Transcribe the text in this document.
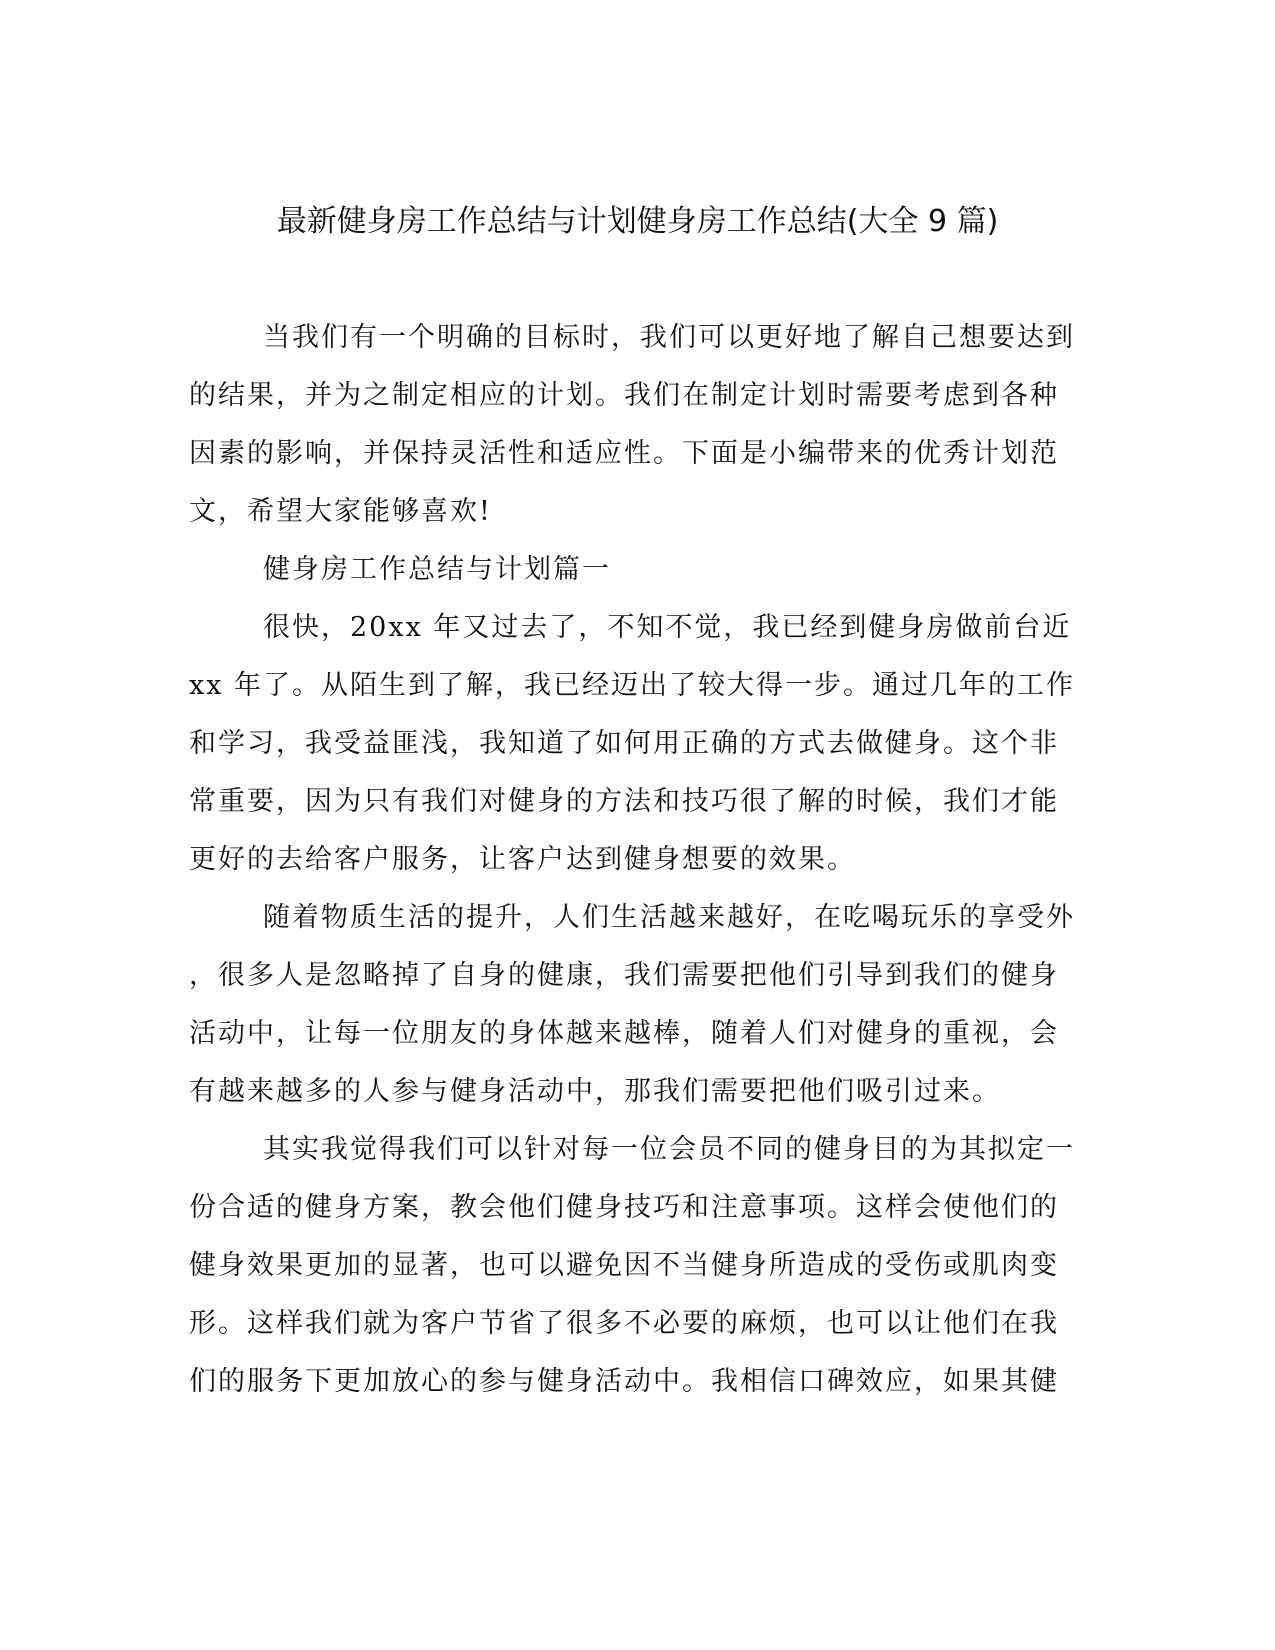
最新健身房工作总结与计划健身房工作总结(大全 9 篇)
当我们有一个明确的目标时，我们可以更好地了解自己想要达到
的结果，并为之制定相应的计划。我们在制定计划时需要考虑到各种
因素的影响，并保持灵活性和适应性。下面是小编带来的优秀计划范
文，希望大家能够喜欢!
健身房工作总结与计划篇一
很快，20xx 年又过去了，不知不觉，我已经到健身房做前台近
xx 年了。从陌生到了解，我已经迈出了较大得一步。通过几年的工作
和学习，我受益匪浅，我知道了如何用正确的方式去做健身。这个非
常重要，因为只有我们对健身的方法和技巧很了解的时候，我们才能
更好的去给客户服务，让客户达到健身想要的效果。
随着物质生活的提升，人们生活越来越好，在吃喝玩乐的享受外
，很多人是忽略掉了自身的健康，我们需要把他们引导到我们的健身
活动中，让每一位朋友的身体越来越棒，随着人们对健身的重视，会
有越来越多的人参与健身活动中，那我们需要把他们吸引过来。
其实我觉得我们可以针对每一位会员不同的健身目的为其拟定一
份合适的健身方案，教会他们健身技巧和注意事项。这样会使他们的
健身效果更加的显著，也可以避免因不当健身所造成的受伤或肌肉变
形。这样我们就为客户节省了很多不必要的麻烦，也可以让他们在我
们的服务下更加放心的参与健身活动中。我相信口碑效应，如果其健
